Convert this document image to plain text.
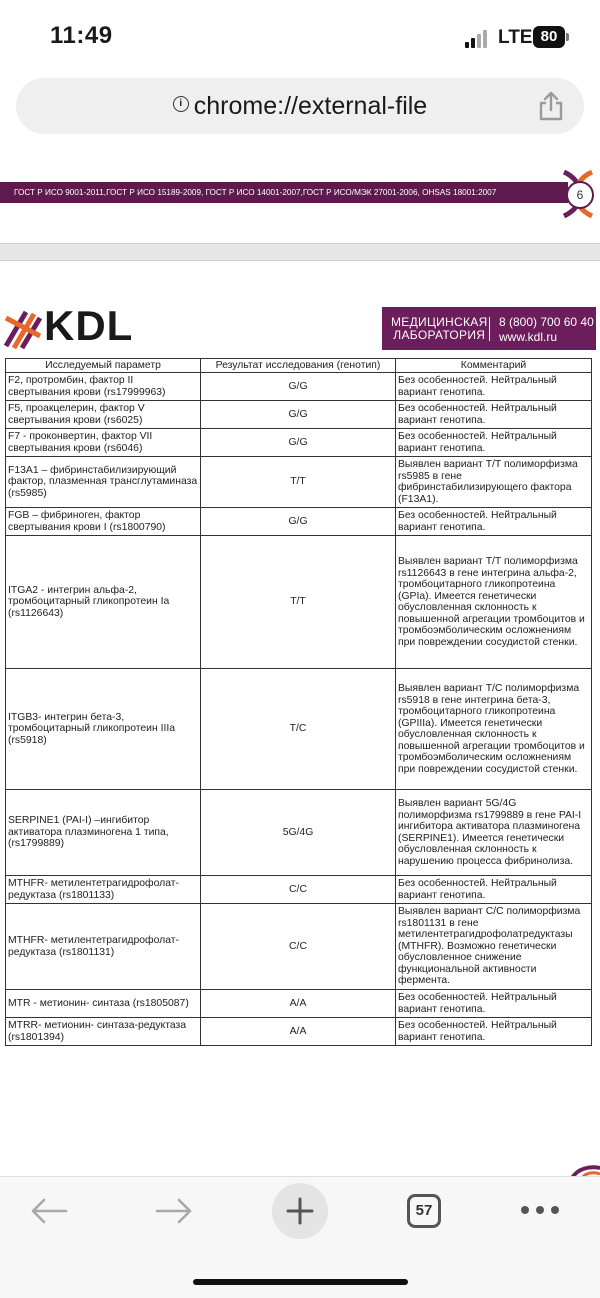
11:49	LTE 80
i chrome://external-file
ГОСТ Р ИСО 9001-2011,ГОСТ Р ИСО 15189-2009, ГОСТ Р ИСО 14001-2007,ГОСТ Р ИСО/МЭК 27001-2006, OHSAS 18001:2007	6
KDL	МЕДИЦИНСКАЯ
ЛАБОРАТОРИЯ
8 (800) 700 60 40
www.kdl.ru
Исследуемый параметр	Результат исследования (генотип)	Комментарий
F2, протромбин, фактор II свертывания крови (rs17999963)	G/G	Без особенностей. Нейтральный вариант генотипа.
F5, проакцелерин, фактор V свертывания крови (rs6025)	G/G	Без особенностей. Нейтральный вариант генотипа.
F7 - проконвертин, фактор VII свертывания крови (rs6046)	G/G	Без особенностей. Нейтральный вариант генотипа.
F13A1 – фибринстабилизирующий фактор, плазменная трансглутаминаза (rs5985)	T/T	Выявлен вариант T/T полиморфизма rs5985 в гене фибринстабилизирующего фактора (F13A1).
FGB – фибриноген, фактор свертывания крови I (rs1800790)	G/G	Без особенностей. Нейтральный вариант генотипа.
ITGA2 - интегрин альфа-2, тромбоцитарный гликопротеин Ia (rs1126643)	T/T	Выявлен вариант T/T полиморфизма rs1126643 в гене интегрина альфа-2, тромбоцитарного гликопротеина (GPIa). Имеется генетически обусловленная склонность к повышенной агрегации тромбоцитов и тромбоэмболическим осложнениям при повреждении сосудистой стенки.
ITGB3- интегрин бета-3, тромбоцитарный гликопротеин IIIa (rs5918)	T/C	Выявлен вариант T/C полиморфизма rs5918 в гене интегрина бета-3, тромбоцитарного гликопротеина (GPIIIa). Имеется генетически обусловленная склонность к повышенной агрегации тромбоцитов и тромбоэмболическим осложнениям при повреждении сосудистой стенки.
SERPINE1 (PAI-I) –ингибитор активатора плазминогена 1 типа, (rs1799889)	5G/4G	Выявлен вариант 5G/4G полиморфизма rs1799889 в гене PAI-I ингибитора активатора плазминогена (SERPINE1). Имеется генетически обусловленная склонность к нарушению процесса фибринолиза.
MTHFR- метилентетрагидрофолат-редуктаза (rs1801133)	C/C	Без особенностей. Нейтральный вариант генотипа.
MTHFR- метилентетрагидрофолат-редуктаза (rs1801131)	C/C	Выявлен вариант C/C полиморфизма rs1801131 в гене метилентетрагидрофолатредуктазы (MTHFR). Возможно генетически обусловленное снижение функциональной активности фермента.
MTR - метионин- синтаза (rs1805087)	A/A	Без особенностей. Нейтральный вариант генотипа.
MTRR- метионин- синтаза-редуктаза (rs1801394)	A/A	Без особенностей. Нейтральный вариант генотипа.
57
